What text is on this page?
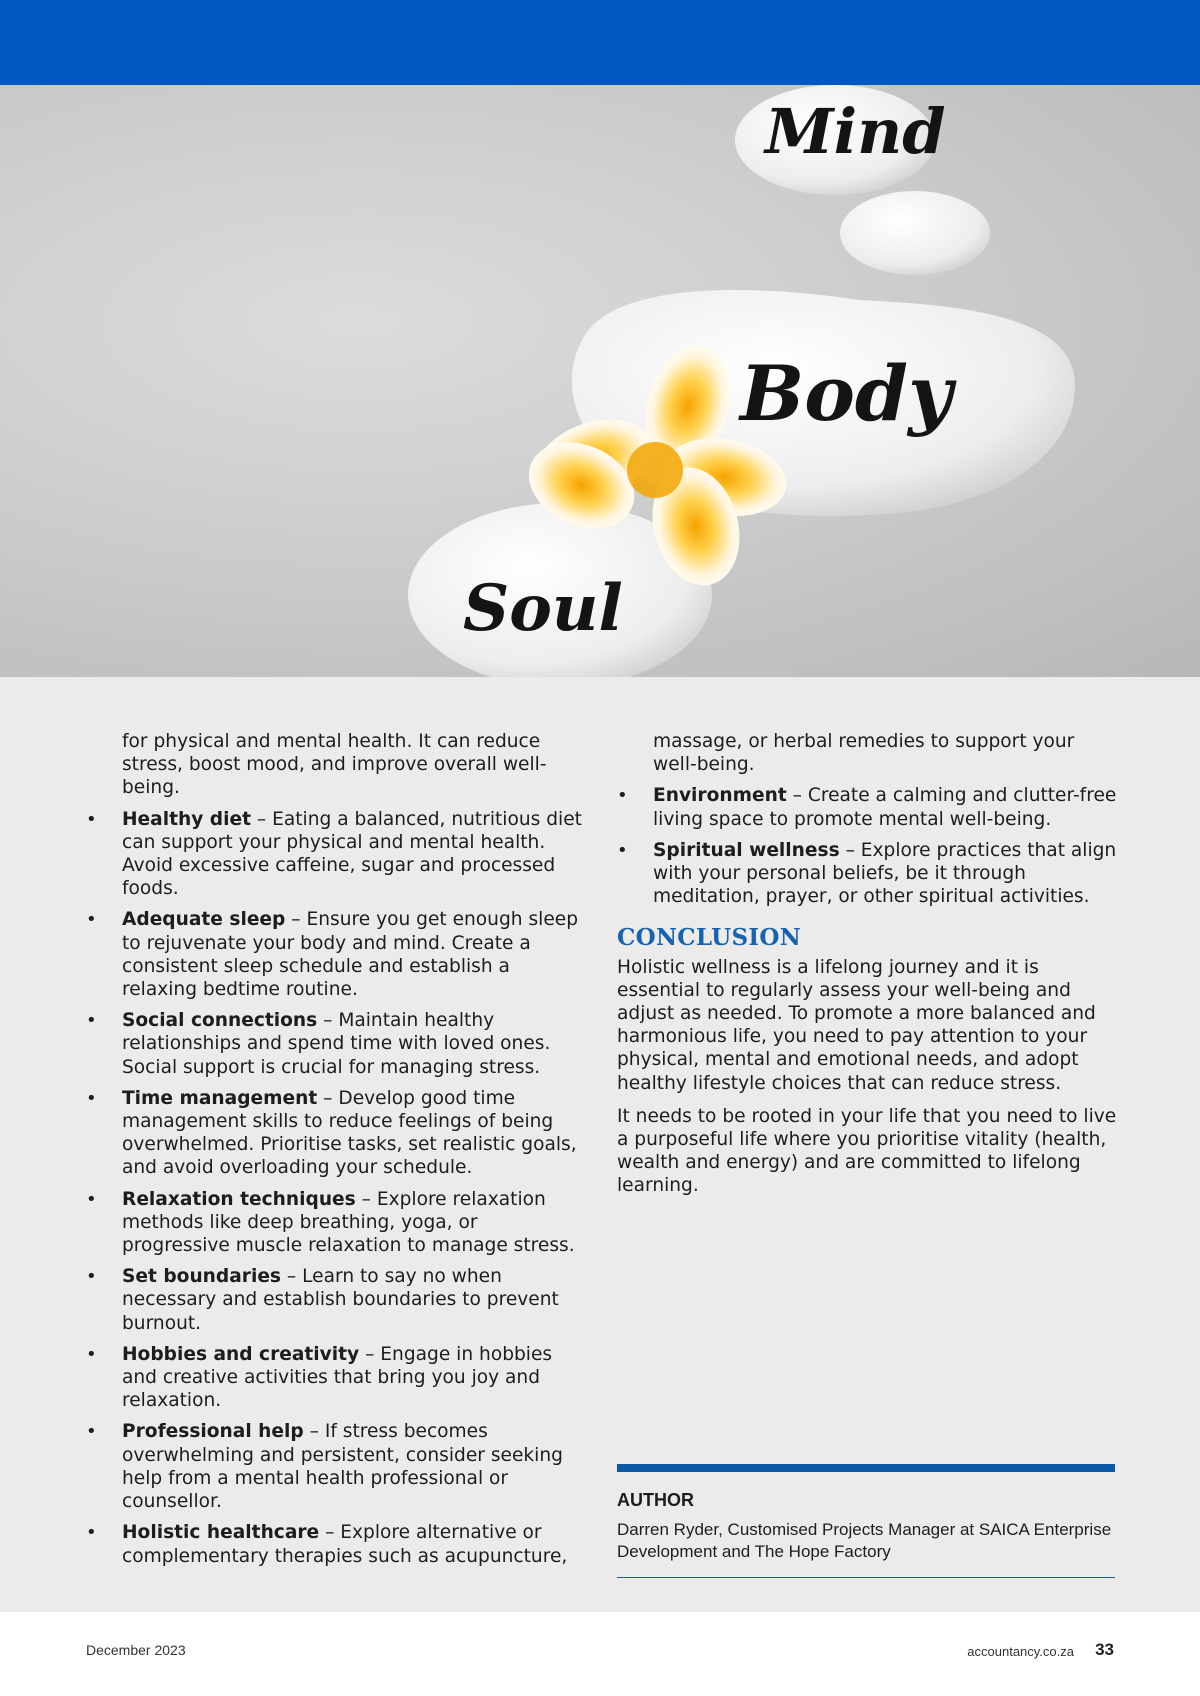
Mind
Body
Soul

for physical and mental health. It can reduce stress, boost mood, and improve overall well-being.

• Healthy diet – Eating a balanced, nutritious diet can support your physical and mental health. Avoid excessive caffeine, sugar and processed foods.
• Adequate sleep – Ensure you get enough sleep to rejuvenate your body and mind. Create a consistent sleep schedule and establish a relaxing bedtime routine.
• Social connections – Maintain healthy relationships and spend time with loved ones. Social support is crucial for managing stress.
• Time management – Develop good time management skills to reduce feelings of being overwhelmed. Prioritise tasks, set realistic goals, and avoid overloading your schedule.
• Relaxation techniques – Explore relaxation methods like deep breathing, yoga, or progressive muscle relaxation to manage stress.
• Set boundaries – Learn to say no when necessary and establish boundaries to prevent burnout.
• Hobbies and creativity – Engage in hobbies and creative activities that bring you joy and relaxation.
• Professional help – If stress becomes overwhelming and persistent, consider seeking help from a mental health professional or counsellor.
• Holistic healthcare – Explore alternative or complementary therapies such as acupuncture,

massage, or herbal remedies to support your well-being.

• Environment – Create a calming and clutter-free living space to promote mental well-being.
• Spiritual wellness – Explore practices that align with your personal beliefs, be it through meditation, prayer, or other spiritual activities.
CONCLUSION

Holistic wellness is a lifelong journey and it is essential to regularly assess your well-being and adjust as needed. To promote a more balanced and harmonious life, you need to pay attention to your physical, mental and emotional needs, and adopt healthy lifestyle choices that can reduce stress.

It needs to be rooted in your life that you need to live a purposeful life where you prioritise vitality (health, wealth and energy) and are committed to lifelong learning.

AUTHOR
Darren Ryder, Customised Projects Manager at SAICA Enterprise Development and The Hope Factory
December 2023	accountancy.co.za 33
